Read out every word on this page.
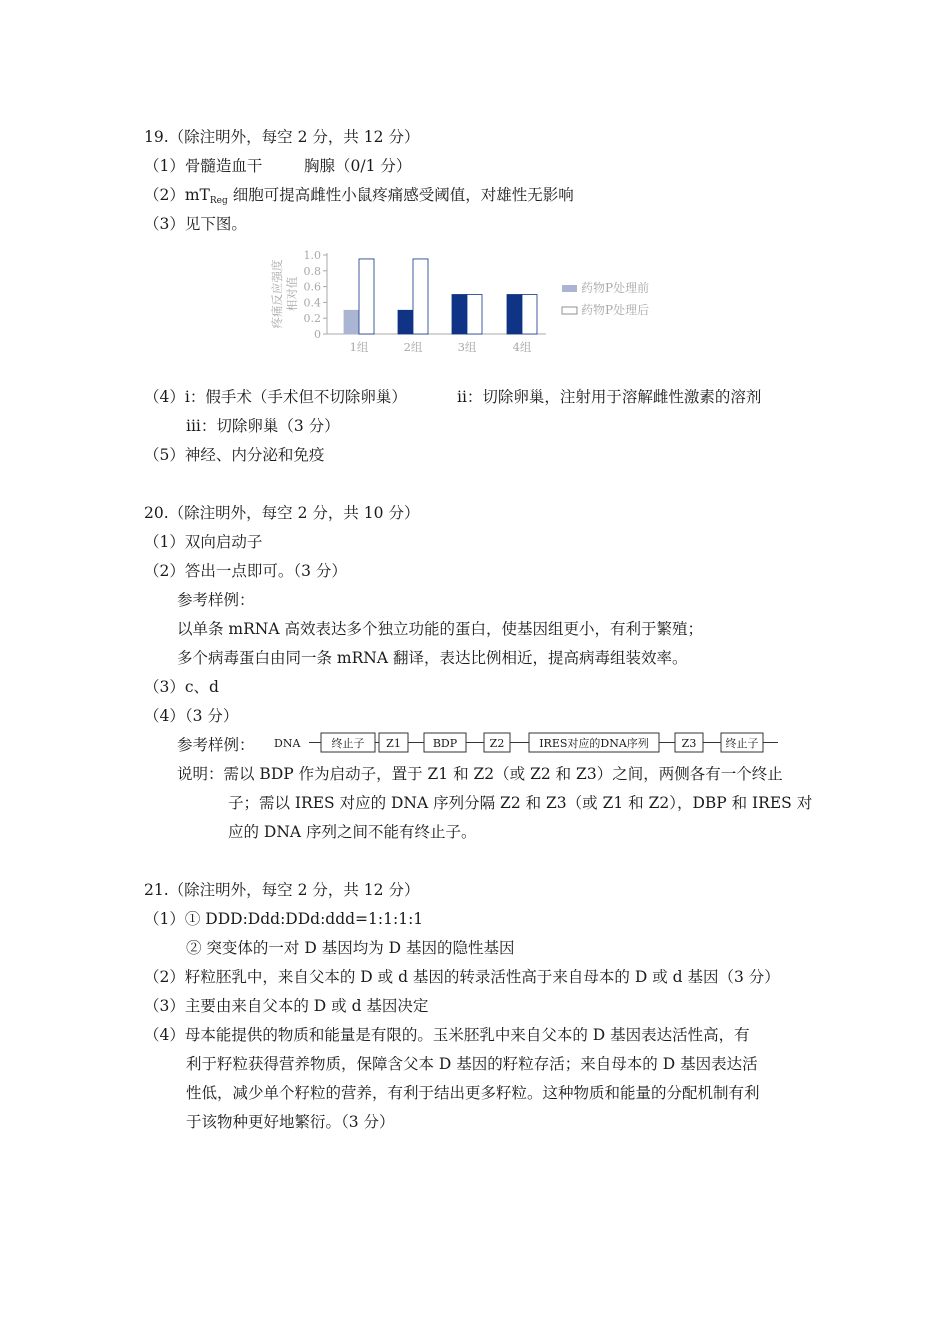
19.（除注明外，每空 2 分，共 12 分）
（1）骨髓造血干	胸腺（0/1 分）
$(2)mT_{Reg}$ 细胞可提高雌性小鼠疼痛感受阈值，对雄性无影响
（3）见下图。
疼痛反应强度 相对值
0
0.2
0.4
0.6
0.8
1.0
1组	2组	3组	4组
药物P处理前
药物P处理后
（4）i：假手术（手术但不切除卵巢）	ii：切除卵巢，注射用于溶解雌性激素的溶剂
iii：切除卵巢（3 分）
（5）神经、内分泌和免疫
20.（除注明外，每空 2 分，共 10 分）
（1）双向启动子
（2）答出一点即可。（3 分）
参考样例：
以单条 mRNA 高效表达多个独立功能的蛋白，使基因组更小，有利于繁殖；
多个病毒蛋白由同一条 mRNA 翻译，表达比例相近，提高病毒组装效率。
（3）c、d
（4）（3 分）
参考样例： DNA	终止子 Z1	BDP	Z2	IRES对应的DNA序列	Z3	终止子
说明：需以 BDP 作为启动子，置于 Z1 和 Z2（或 Z2 和 Z3）之间，两侧各有一个终止
子；需以 IRES 对应的 DNA 序列分隔 Z2 和 Z3（或 Z1 和 Z2），DBP 和 IRES 对
应的 DNA 序列之间不能有终止子。
21.（除注明外，每空 2 分，共 12 分）
（1）① DDD:Ddd:DDd:ddd=1:1:1:1
② 突变体的一对 D 基因均为 D 基因的隐性基因
（2）籽粒胚乳中，来自父本的 D 或 d 基因的转录活性高于来自母本的 D 或 d 基因（3 分）
（3）主要由来自父本的 D 或 d 基因决定
（4）母本能提供的物质和能量是有限的。玉米胚乳中来自父本的 D 基因表达活性高，有
利于籽粒获得营养物质，保障含父本 D 基因的籽粒存活；来自母本的 D 基因表达活
性低，减少单个籽粒的营养，有利于结出更多籽粒。这种物质和能量的分配机制有利
于该物种更好地繁衍。（3 分）
